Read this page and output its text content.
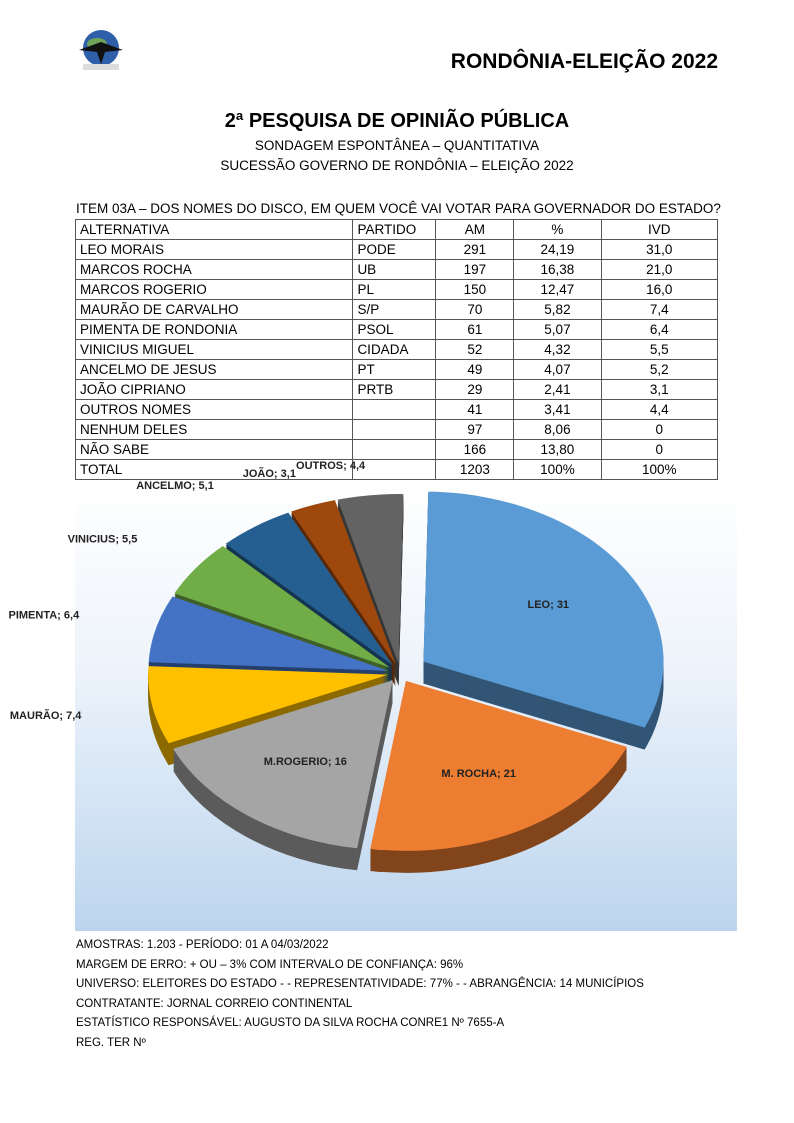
RONDÔNIA-ELEIÇÃO 2022
2ª PESQUISA DE OPINIÃO PÚBLICA
SONDAGEM ESPONTÂNEA – QUANTITATIVA
SUCESSÃO GOVERNO DE RONDÔNIA – ELEIÇÃO 2022
ITEM 03A – DOS NOMES DO DISCO, EM QUEM VOCÊ VAI VOTAR PARA GOVERNADOR DO ESTADO?
ALTERNATIVA	PARTIDO	AM	%	IVD
LEO MORAIS	PODE	291	24,19	31,0
MARCOS ROCHA	UB	197	16,38	21,0
MARCOS ROGERIO	PL	150	12,47	16,0
MAURÃO DE CARVALHO	S/P	70	5,82	7,4
PIMENTA DE RONDONIA	PSOL	61	5,07	6,4
VINICIUS MIGUEL	CIDADA	52	4,32	5,5
ANCELMO DE JESUS	PT	49	4,07	5,2
JOÃO CIPRIANO	PRTB	29	2,41	3,1
OUTROS NOMES		41	3,41	4,4
NENHUM DELES		97	8,06	0
NÃO SABE		166	13,80	0
TOTAL		1203	100%	100%
LEO; 31
M. ROCHA; 21
M.ROGERIO; 16
MAURÃO; 7,4
PIMENTA; 6,4
VINICIUS; 5,5
ANCELMO; 5,1
JOÃO; 3,1
OUTROS; 4,4
AMOSTRAS: 1.203 - PERÍODO: 01 A 04/03/2022
MARGEM DE ERRO: + OU – 3% COM INTERVALO DE CONFIANÇA: 96%
UNIVERSO: ELEITORES DO ESTADO - - REPRESENTATIVIDADE: 77% - - ABRANGÊNCIA: 14 MUNICÍPIOS
CONTRATANTE: JORNAL CORREIO CONTINENTAL
ESTATÍSTICO RESPONSÁVEL: AUGUSTO DA SILVA ROCHA CONRE1 Nº 7655-A
REG. TER Nº
